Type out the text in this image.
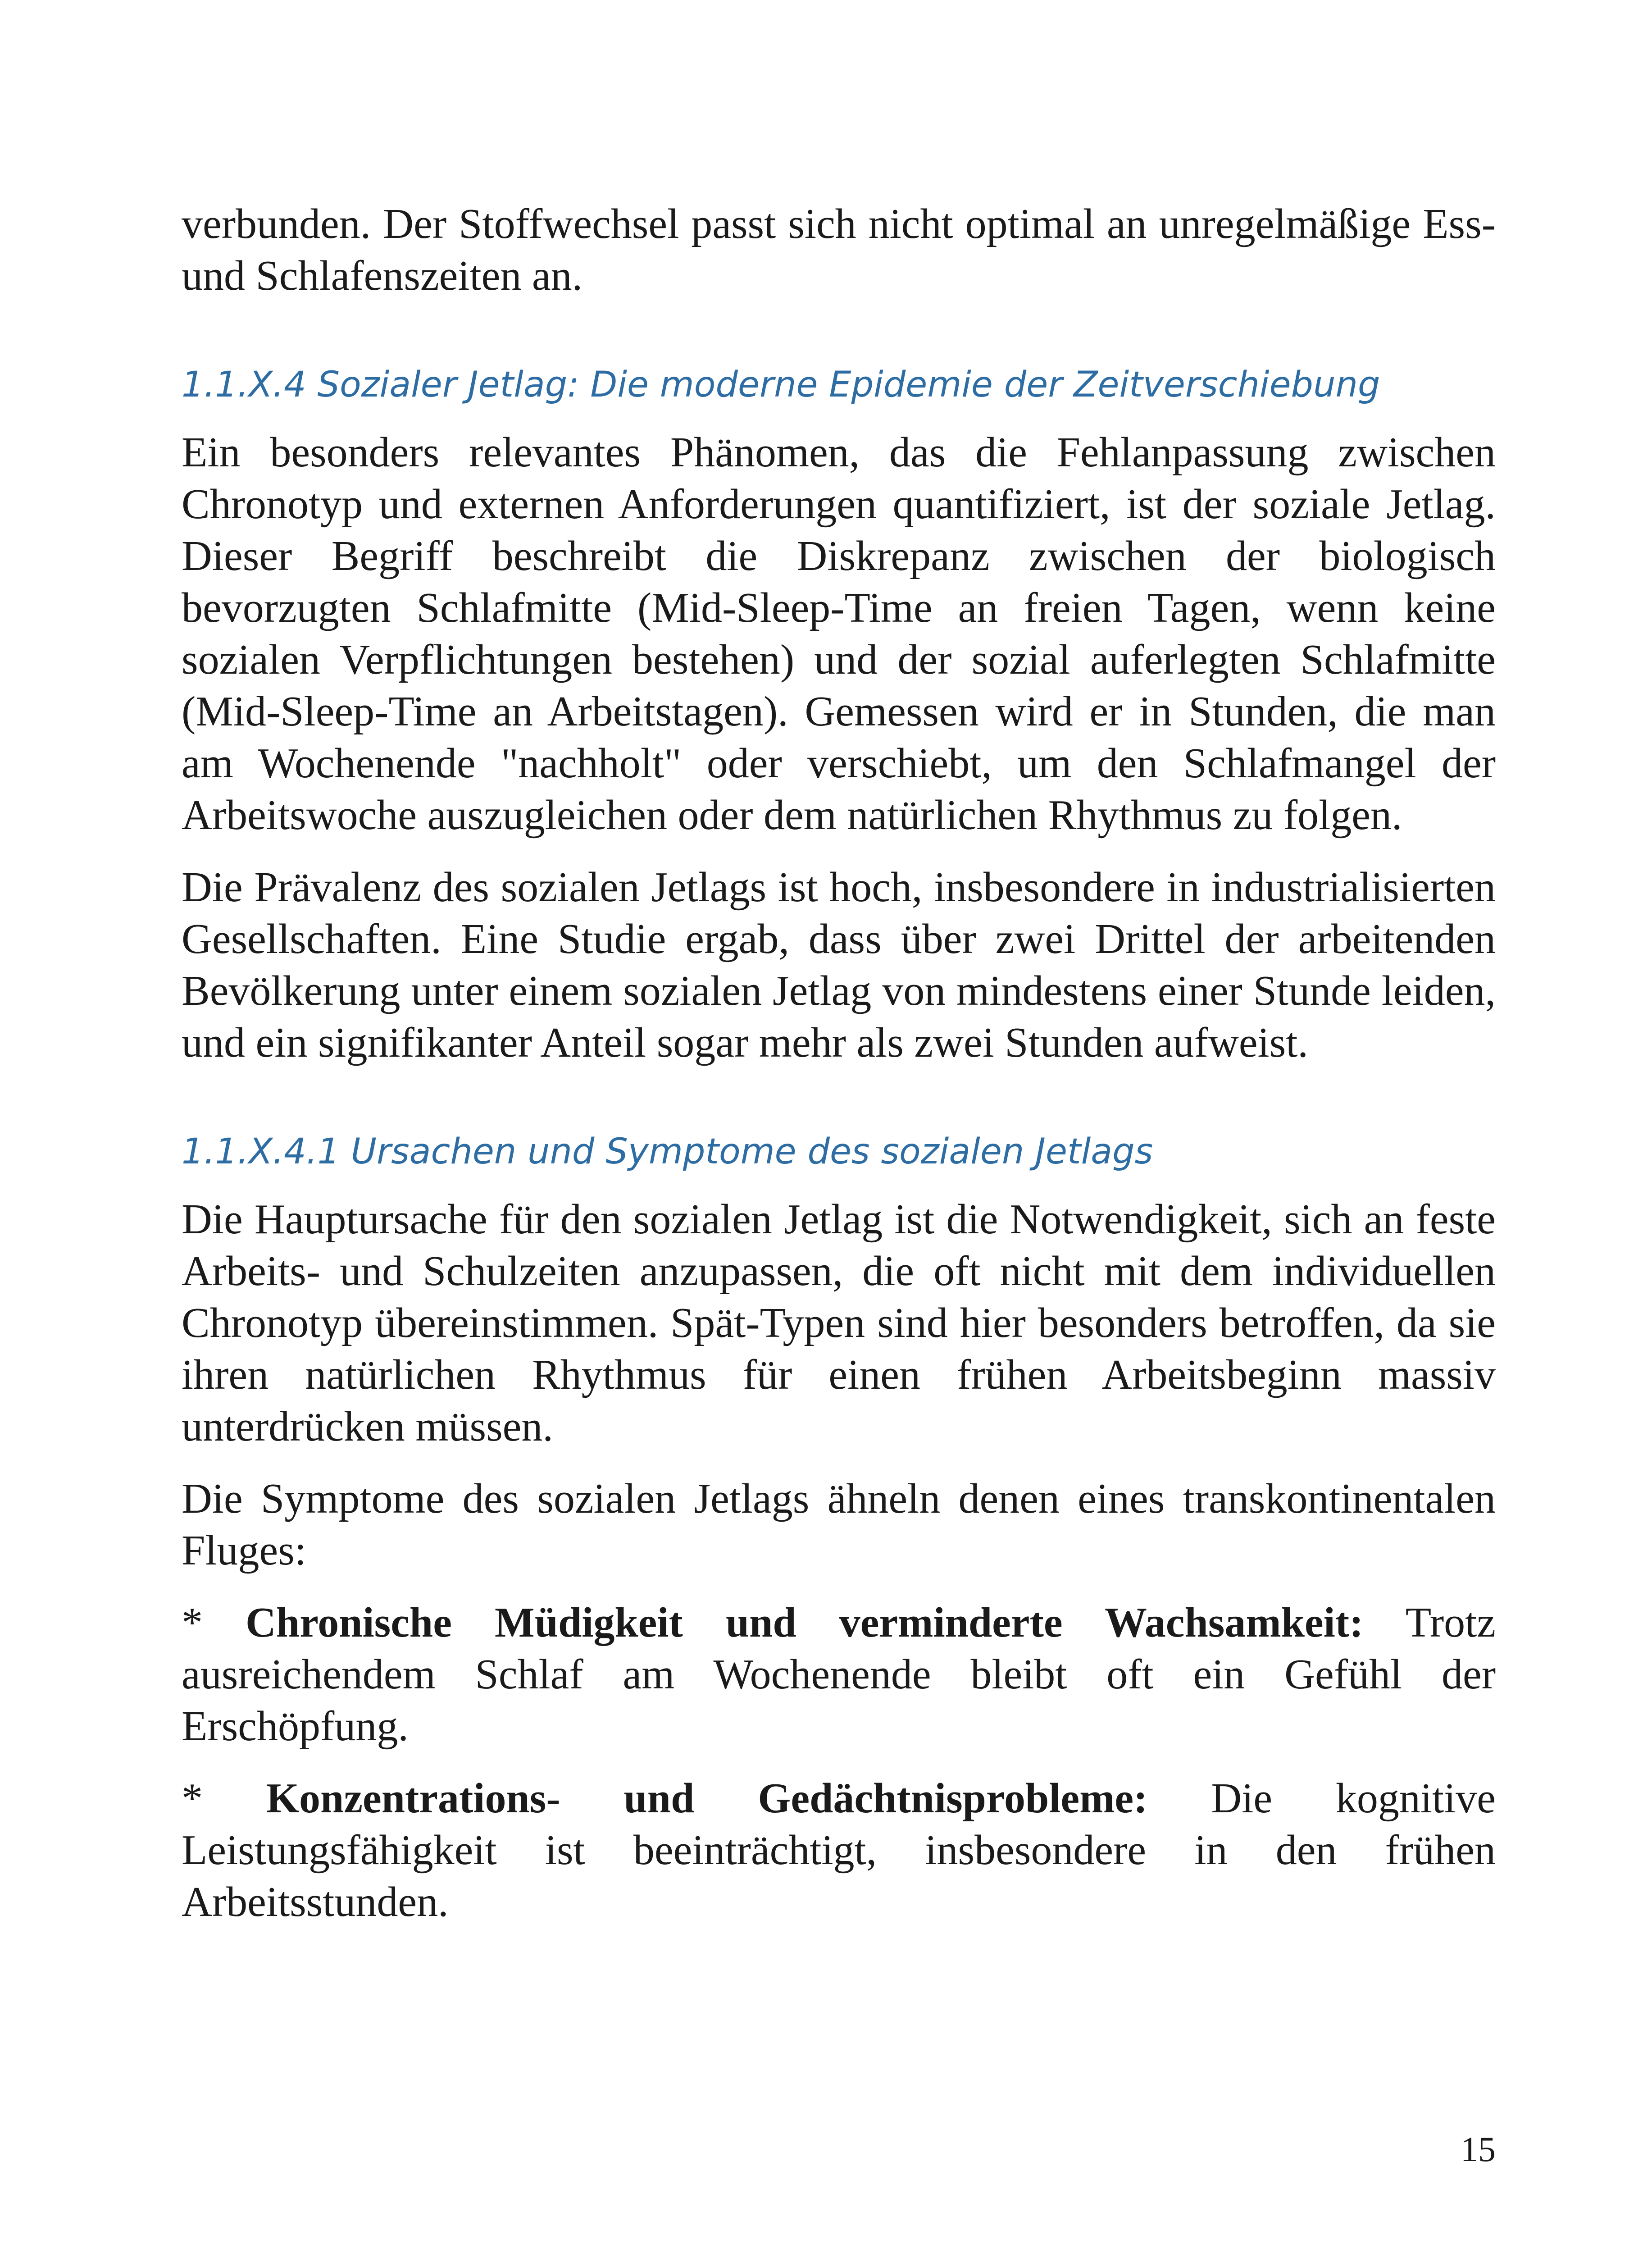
verbunden. Der Stoffwechsel passt sich nicht optimal an unregelmäßige Ess- und Schlafenszeiten an.

1.1.X.4 Sozialer Jetlag: Die moderne Epidemie der Zeitverschiebung

Ein besonders relevantes Phänomen, das die Fehlanpassung zwischen Chronotyp und externen Anforderungen quantifiziert, ist der soziale Jetlag. Dieser Begriff beschreibt die Diskrepanz zwischen der biologisch bevorzugten Schlafmitte (Mid-Sleep-Time an freien Tagen, wenn keine sozialen Verpflichtungen bestehen) und der sozial auferlegten Schlafmitte (Mid-Sleep-Time an Arbeitstagen). Gemessen wird er in Stunden, die man am Wochenende "nachholt" oder verschiebt, um den Schlafmangel der Arbeitswoche auszugleichen oder dem natürlichen Rhythmus zu folgen.

Die Prävalenz des sozialen Jetlags ist hoch, insbesondere in industrialisierten Gesellschaften. Eine Studie ergab, dass über zwei Drittel der arbeitenden Bevölkerung unter einem sozialen Jetlag von mindestens einer Stunde leiden, und ein signifikanter Anteil sogar mehr als zwei Stunden aufweist.

1.1.X.4.1 Ursachen und Symptome des sozialen Jetlags

Die Hauptursache für den sozialen Jetlag ist die Notwendigkeit, sich an feste Arbeits- und Schulzeiten anzupassen, die oft nicht mit dem individuellen Chronotyp übereinstimmen. Spät-Typen sind hier besonders betroffen, da sie ihren natürlichen Rhythmus für einen frühen Arbeitsbeginn massiv unterdrücken müssen.

Die Symptome des sozialen Jetlags ähneln denen eines transkontinentalen Fluges:

* Chronische Müdigkeit und verminderte Wachsamkeit: Trotz ausreichendem Schlaf am Wochenende bleibt oft ein Gefühl der Erschöpfung.

* Konzentrations- und Gedächtnisprobleme: Die kognitive Leistungsfähigkeit ist beeinträchtigt, insbesondere in den frühen Arbeitsstunden.

15
